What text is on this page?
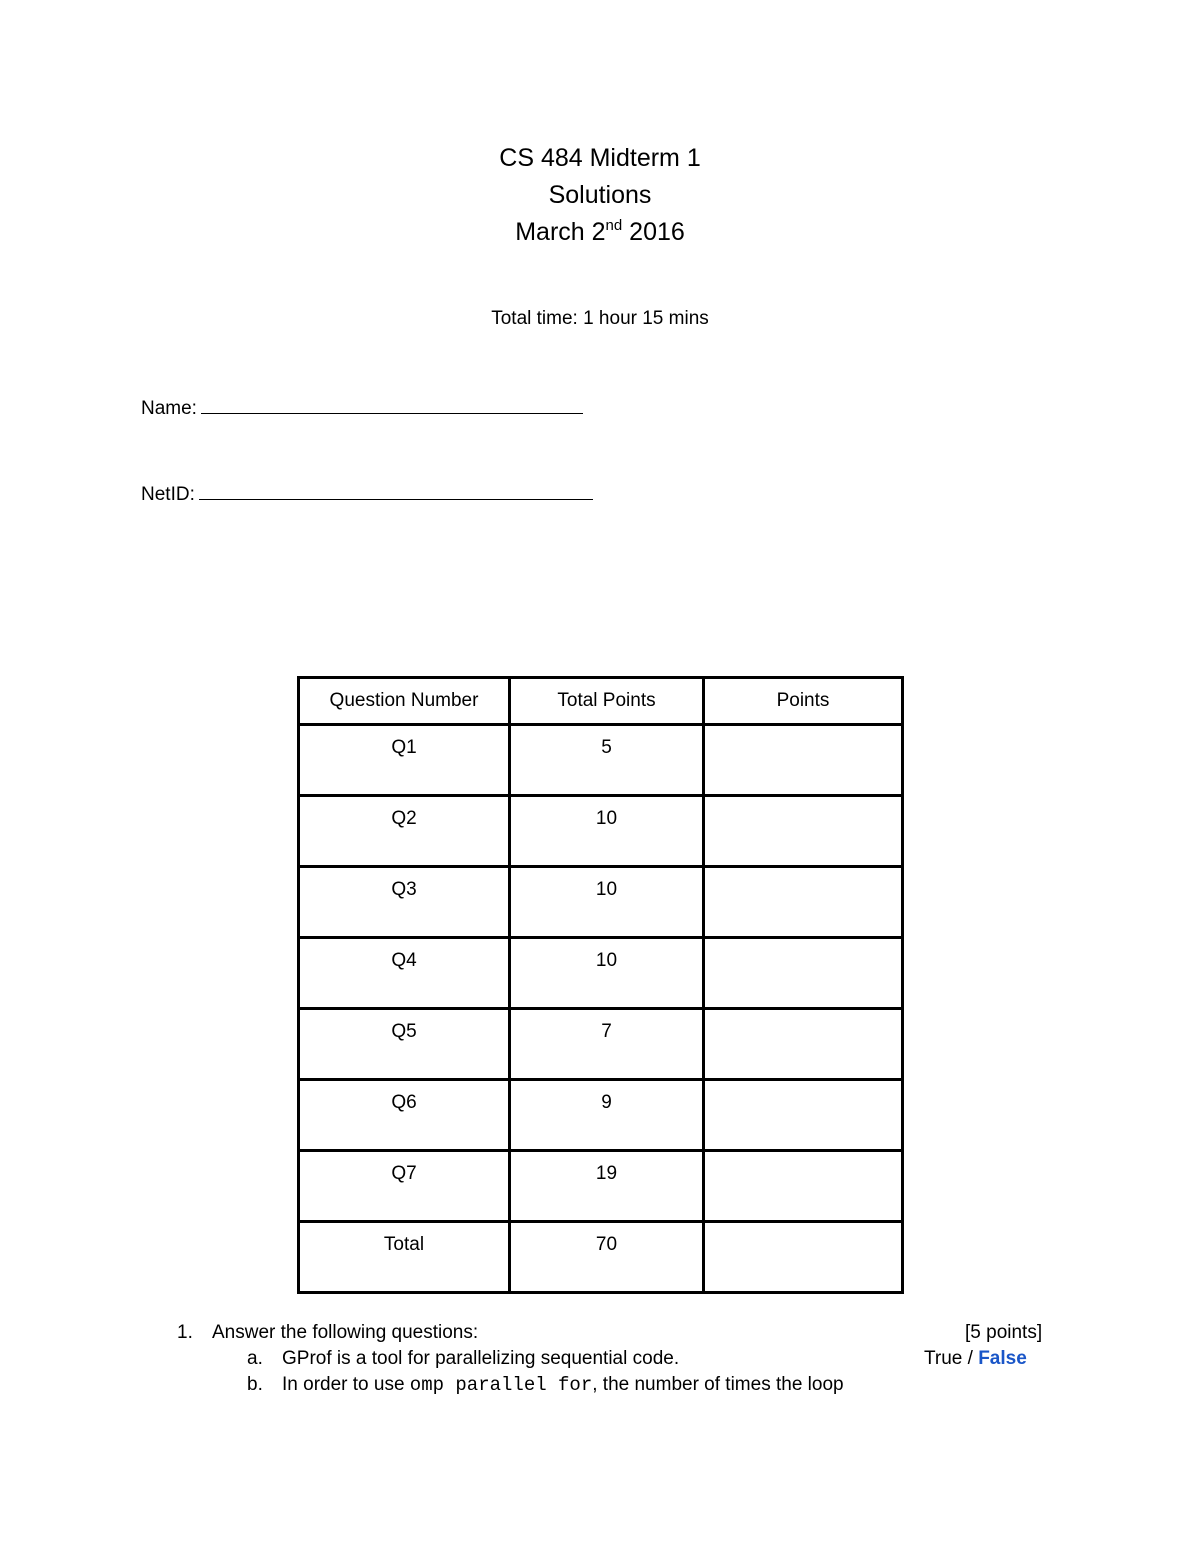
CS 484 Midterm 1
Solutions
March 2nd 2016
Total time: 1 hour 15 mins
Name:
NetID:
Question Number	Total Points	Points
Q1	5	
Q2	10	
Q3	10	
Q4	10	
Q5	7	
Q6	9	
Q7	19	
Total	70	
1. Answer the following questions:	[5 points]
a. GProf is a tool for parallelizing sequential code.	True / False
b. In order to use omp parallel for, the number of times the loop
